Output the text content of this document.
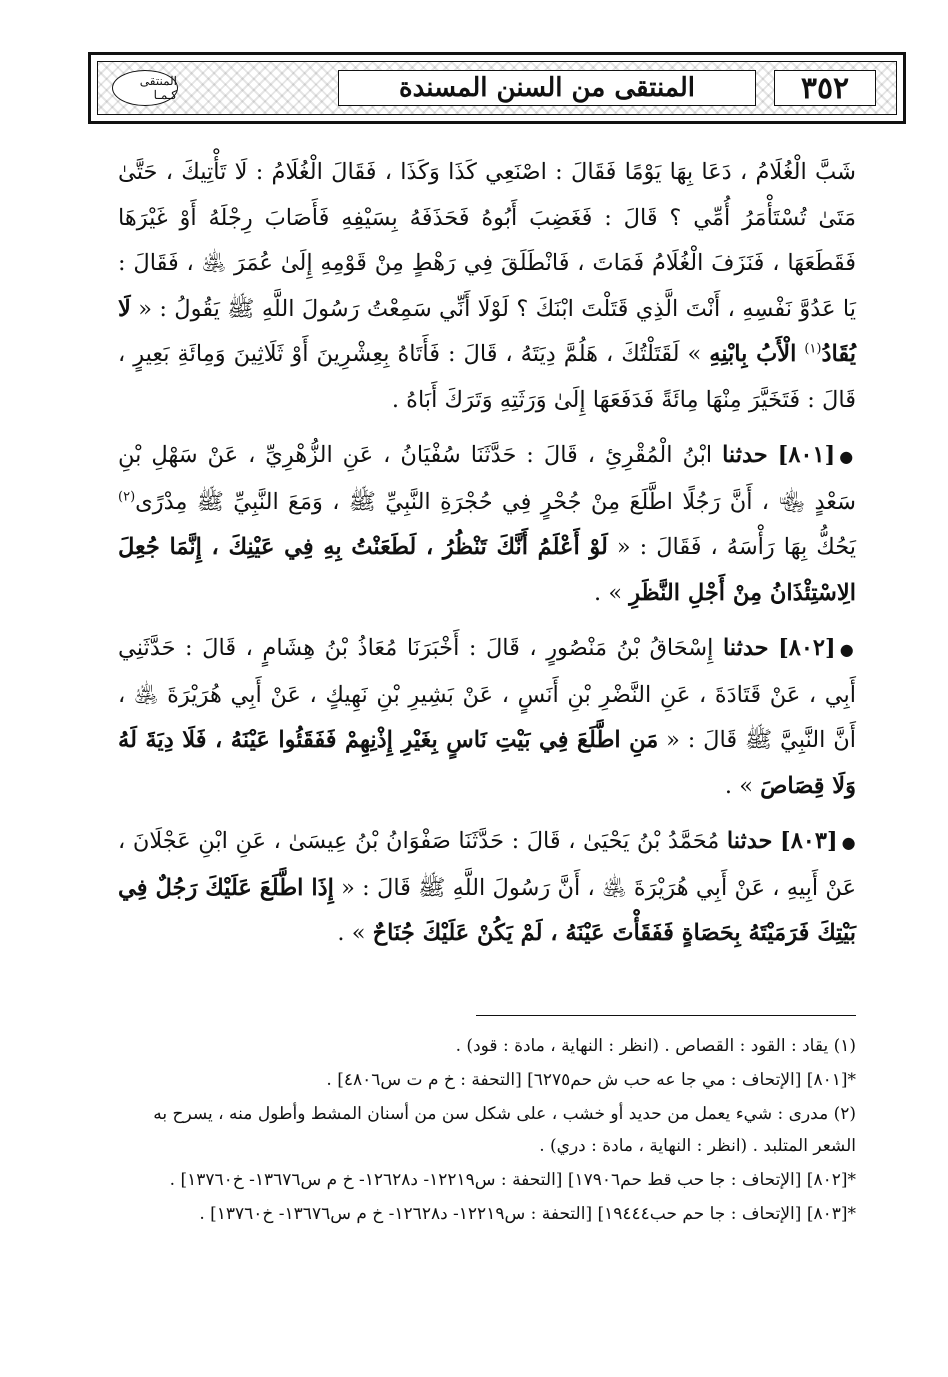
٣٥٢
المنتقى من السنن المسندة
المنتقى كـمـا

شَبَّ الْغُلَامُ ، دَعَا بِهَا يَوْمًا فَقَالَ : اصْنَعِي كَذَا وَكَذَا ، فَقَالَ الْغُلَامُ : لَا تَأْتِيكَ ، حَتَّىٰ مَتَىٰ تُسْتَأْمَرُ أُمِّي ؟ قَالَ : فَغَضِبَ أَبُوهُ فَحَذَفَهُ بِسَيْفِهِ فَأَصَابَ رِجْلَهُ أَوْ غَيْرَهَا فَقَطَعَهَا ، فَنَزَفَ الْغُلَامُ فَمَاتَ ، فَانْطَلَقَ فِي رَهْطٍ مِنْ قَوْمِهِ إِلَىٰ عُمَرَ ﵁ ، فَقَالَ : يَا عَدُوَّ نَفْسِهِ ، أَنْتَ الَّذِي قَتَلْتَ ابْنَكَ ؟ لَوْلَا أَنِّي سَمِعْتُ رَسُولَ اللَّهِ ﷺ يَقُولُ : « لَا يُقَادُ$^{(١)}$ الْأَبُ بِابْنِهِ » لَقَتَلْتُكَ ، هَلُمَّ دِيَتَهُ ، قَالَ : فَأَتَاهُ بِعِشْرِينَ أَوْ ثَلَاثِينَ وَمِائَةِ بَعِيرٍ ، قَالَ : فَتَخَيَّرَ مِنْهَا مِائَةً فَدَفَعَهَا إِلَىٰ وَرَثَتِهِ وَتَرَكَ أَبَاهُ .

●[٨٠١] حدثنا ابْنُ الْمُقْرِئِ ، قَالَ : حَدَّثَنَا سُفْيَانُ ، عَنِ الزُّهْرِيِّ ، عَنْ سَهْلِ بْنِ سَعْدٍ ﵄ ، أَنَّ رَجُلًا اطَّلَعَ مِنْ جُحْرٍ فِي حُجْرَةِ النَّبِيِّ ﷺ ، وَمَعَ النَّبِيِّ ﷺ مِدْرًى$^{(٢)}$ يَحُكُّ بِهَا رَأْسَهُ ، فَقَالَ : « لَوْ أَعْلَمُ أَنَّكَ تَنْظُرُ ، لَطَعَنْتُ بِهِ فِي عَيْنِكَ ، إِنَّمَا جُعِلَ الِاسْتِئْذَانُ مِنْ أَجْلِ النَّظَرِ » .

●[٨٠٢] حدثنا إِسْحَاقُ بْنُ مَنْصُورٍ ، قَالَ : أَخْبَرَنَا مُعَاذُ بْنُ هِشَامٍ ، قَالَ : حَدَّثَنِي أَبِي ، عَنْ قَتَادَةَ ، عَنِ النَّضْرِ بْنِ أَنَسٍ ، عَنْ بَشِيرِ بْنِ نَهِيكٍ ، عَنْ أَبِي هُرَيْرَةَ ﵁ ، أَنَّ النَّبِيَّ ﷺ قَالَ : « مَنِ اطَّلَعَ فِي بَيْتِ نَاسٍ بِغَيْرِ إِذْنِهِمْ فَفَقَئُوا عَيْنَهُ ، فَلَا دِيَةَ لَهُ وَلَا قِصَاصَ » .

●[٨٠٣] حدثنا مُحَمَّدُ بْنُ يَحْيَىٰ ، قَالَ : حَدَّثَنَا صَفْوَانُ بْنُ عِيسَىٰ ، عَنِ ابْنِ عَجْلَانَ ، عَنْ أَبِيهِ ، عَنْ أَبِي هُرَيْرَةَ ﵁ ، أَنَّ رَسُولَ اللَّهِ ﷺ قَالَ : « إِذَا اطَّلَعَ عَلَيْكَ رَجُلٌ فِي بَيْتِكَ فَرَمَيْتَهُ بِحَصَاةٍ فَفَقَأْتَ عَيْنَهُ ، لَمْ يَكُنْ عَلَيْكَ جُنَاحٌ » .

(١) يقاد : القود : القصاص . (انظر : النهاية ، مادة : قود) .

*[٨٠١] [الإتحاف : مي جا عه حب ش حم٦٢٧٥] [التحفة : خ م ت س٤٨٠٦] .

(٢) مدرى : شيء يعمل من حديد أو خشب ، على شكل سن من أسنان المشط وأطول منه ، يسرح به الشعر المتلبد . (انظر : النهاية ، مادة : دري) .

*[٨٠٢] [الإتحاف : جا حب قط حم١٧٩٠٦] [التحفة : س١٢٢١٩- د١٢٦٢٨- خ م س١٣٦٧٦- خ١٣٧٦٠] .

*[٨٠٣] [الإتحاف : جا حم حب١٩٤٤٤] [التحفة : س١٢٢١٩- د١٢٦٢٨- خ م س١٣٦٧٦- خ١٣٧٦٠] .
